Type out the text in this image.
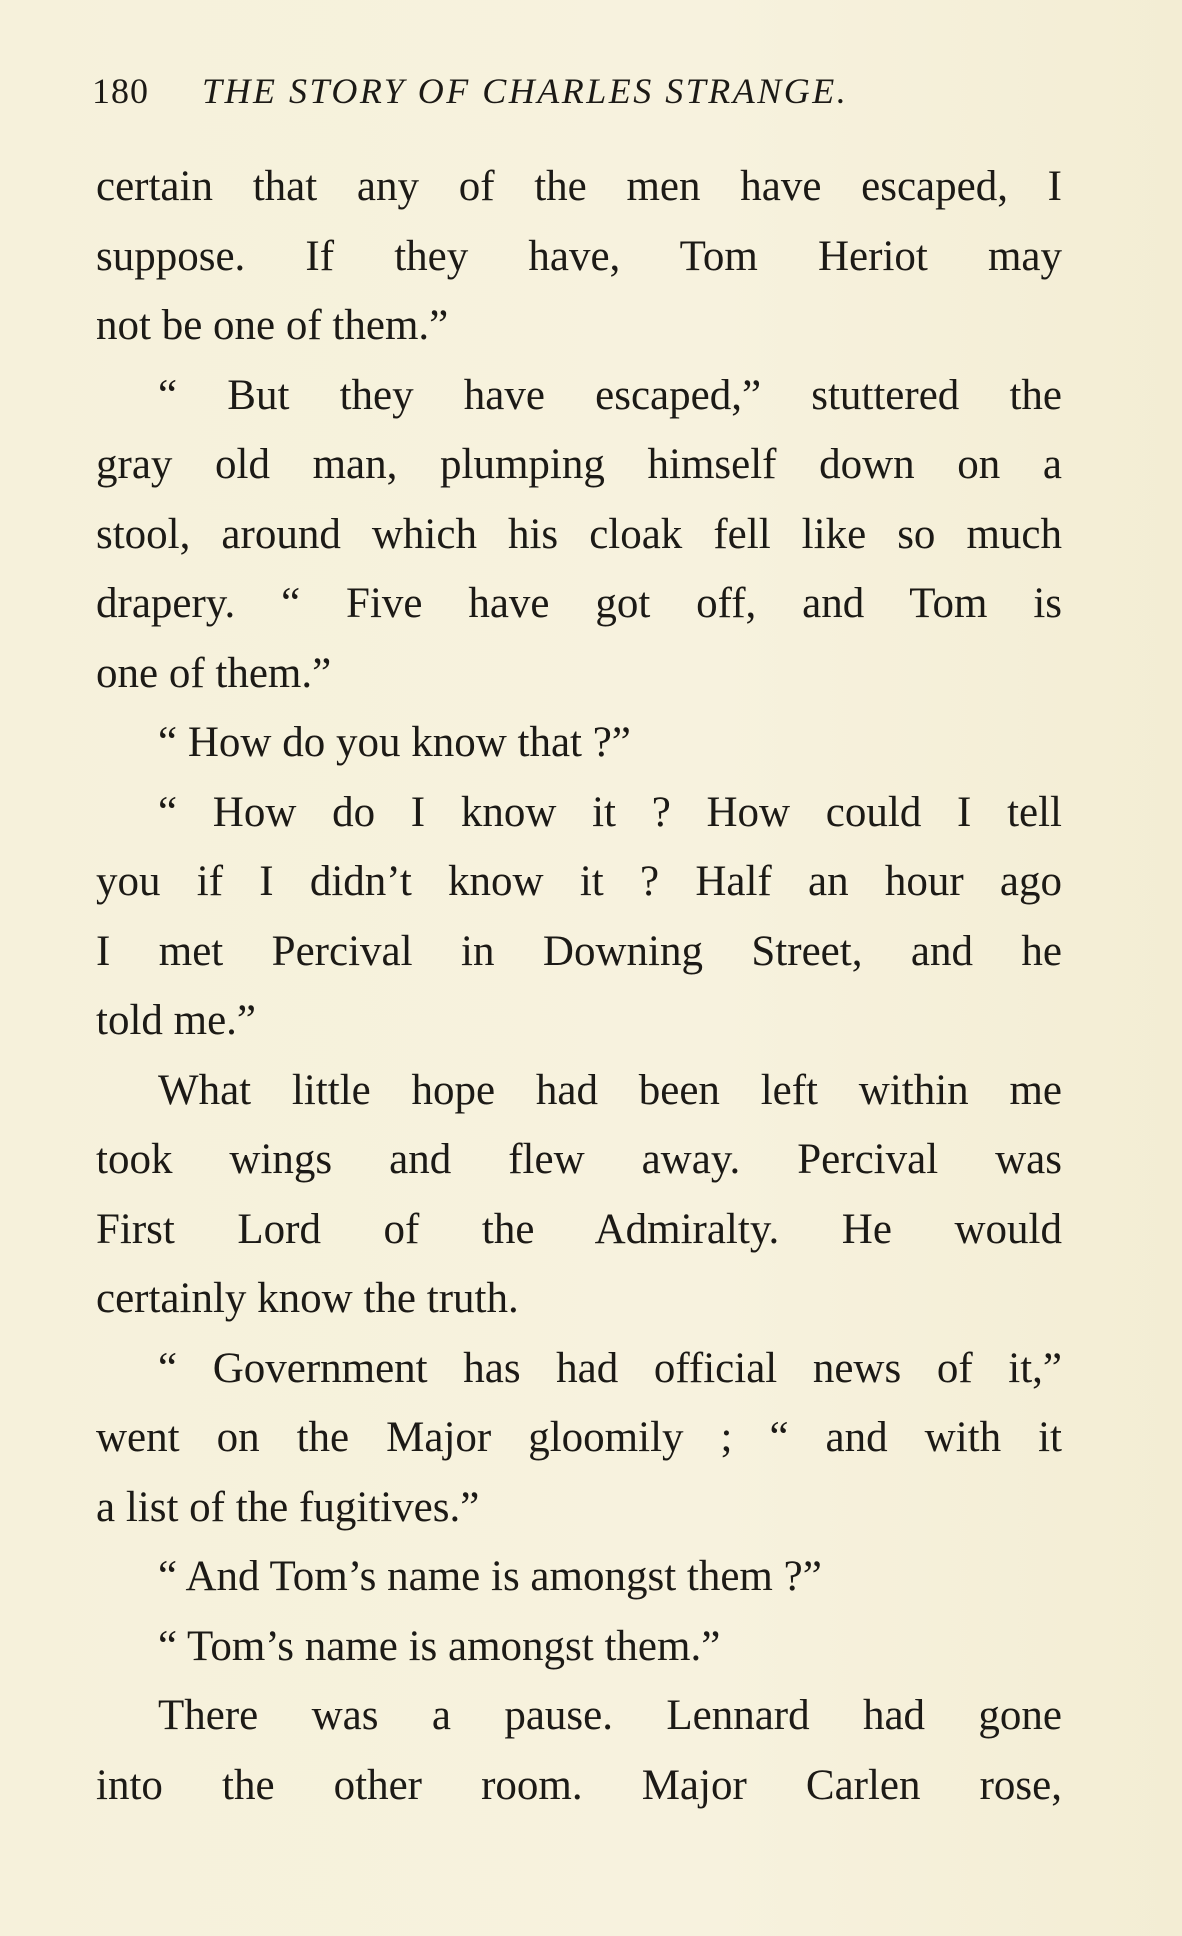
180 THE STORY OF CHARLES STRANGE.
certain that any of the men have escaped, I
suppose. If they have, Tom Heriot may
not be one of them.”
“ But they have escaped,” stuttered the
gray old man, plumping himself down on a
stool, around which his cloak fell like so much
drapery. “ Five have got off, and Tom is
one of them.”
“ How do you know that ?”
“ How do I know it ? How could I tell
you if I didn’t know it ? Half an hour ago
I met Percival in Downing Street, and he
told me.”
What little hope had been left within me
took wings and flew away. Percival was
First Lord of the Admiralty. He would
certainly know the truth.
“ Government has had official news of it,”
went on the Major gloomily ; “ and with it
a list of the fugitives.”
“ And Tom’s name is amongst them ?”
“ Tom’s name is amongst them.”
There was a pause. Lennard had gone
into the other room. Major Carlen rose,
